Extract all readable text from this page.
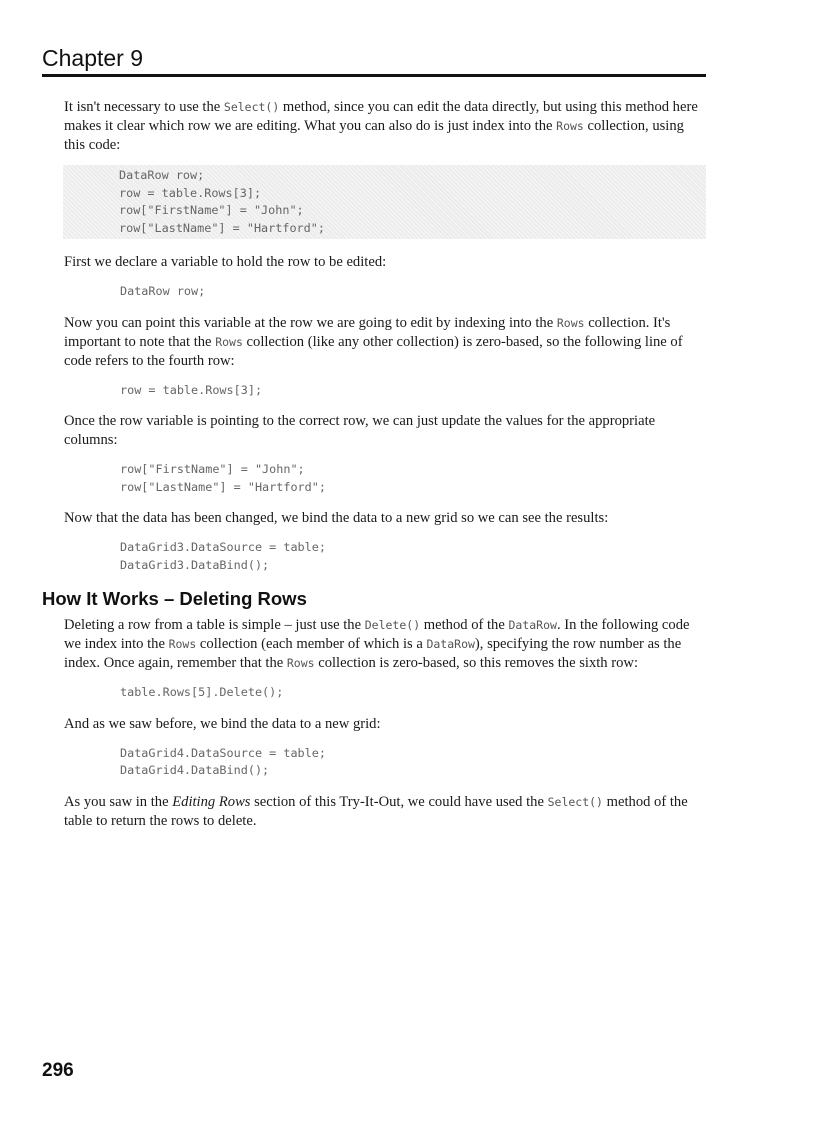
Chapter 9

It isn't necessary to use the Select() method, since you can edit the data directly, but using this method here makes it clear which row we are editing. What you can also do is just index into the Rows collection, using this code:

DataRow row;
row = table.Rows[3];
row["FirstName"] = "John";
row["LastName"] = "Hartford";

First we declare a variable to hold the row to be edited:

DataRow row;

Now you can point this variable at the row we are going to edit by indexing into the Rows collection. It's important to note that the Rows collection (like any other collection) is zero-based, so the following line of code refers to the fourth row:

row = table.Rows[3];

Once the row variable is pointing to the correct row, we can just update the values for the appropriate columns:

row["FirstName"] = "John";
row["LastName"] = "Hartford";

Now that the data has been changed, we bind the data to a new grid so we can see the results:

DataGrid3.DataSource = table;
DataGrid3.DataBind();
How It Works – Deleting Rows

Deleting a row from a table is simple – just use the Delete() method of the DataRow. In the following code we index into the Rows collection (each member of which is a DataRow), specifying the row number as the index. Once again, remember that the Rows collection is zero-based, so this removes the sixth row:

table.Rows[5].Delete();

And as we saw before, we bind the data to a new grid:

DataGrid4.DataSource = table;
DataGrid4.DataBind();

As you saw in the Editing Rows section of this Try-It-Out, we could have used the Select() method of the table to return the rows to delete.

296
